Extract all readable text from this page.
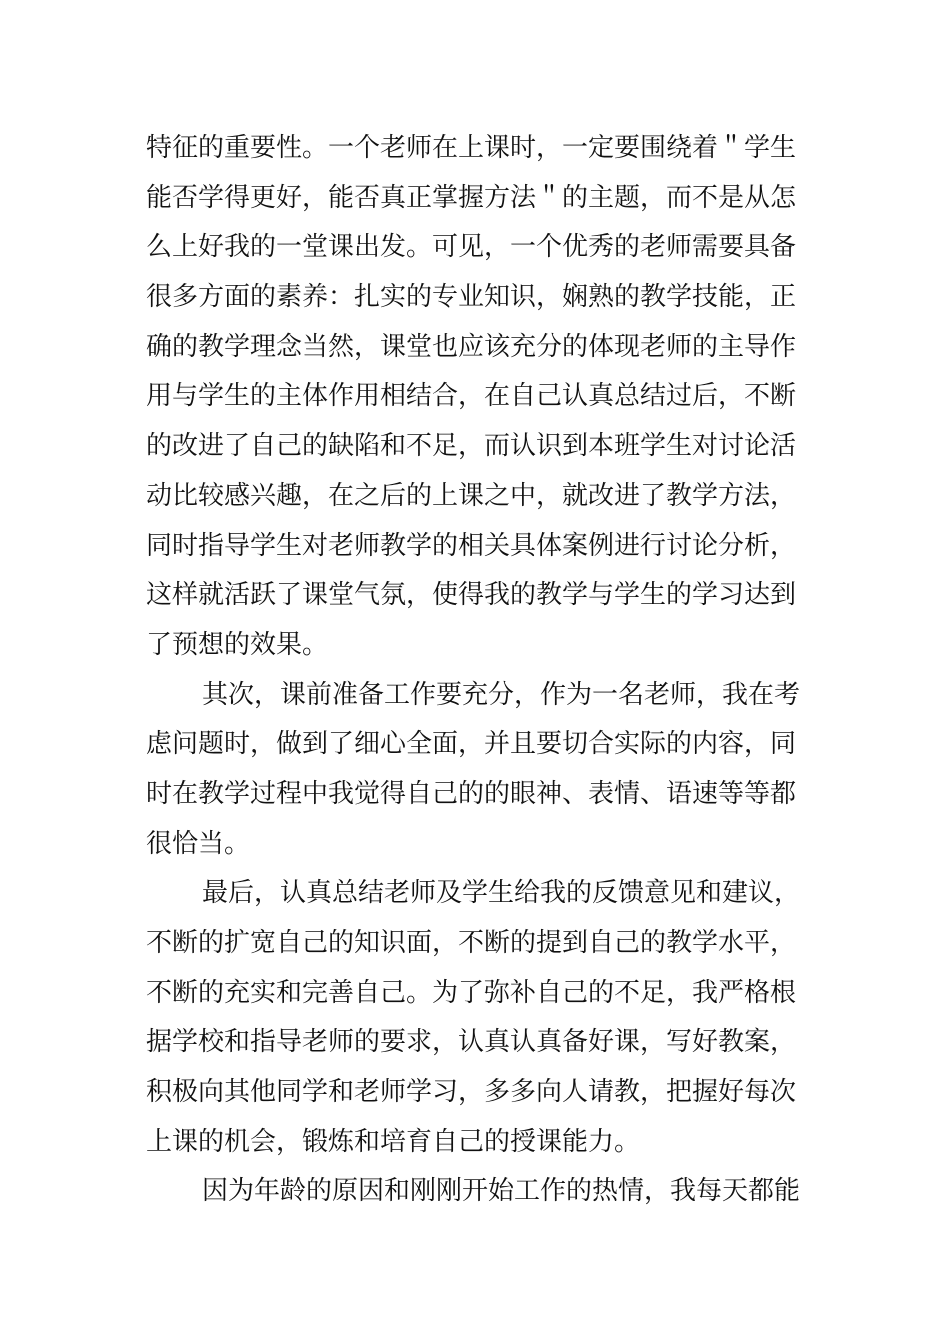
特征的重要性。一个老师在上课时，一定要围绕着＂学生
能否学得更好，能否真正掌握方法＂的主题，而不是从怎
么上好我的一堂课出发。可见，一个优秀的老师需要具备
很多方面的素养：扎实的专业知识，娴熟的教学技能，正
确的教学理念当然，课堂也应该充分的体现老师的主导作
用与学生的主体作用相结合，在自己认真总结过后，不断
的改进了自己的缺陷和不足，而认识到本班学生对讨论活
动比较感兴趣，在之后的上课之中，就改进了教学方法，
同时指导学生对老师教学的相关具体案例进行讨论分析，
这样就活跃了课堂气氛，使得我的教学与学生的学习达到
了预想的效果。
其次，课前准备工作要充分，作为一名老师，我在考
虑问题时，做到了细心全面，并且要切合实际的内容，同
时在教学过程中我觉得自己的的眼神、表情、语速等等都
很恰当。
最后，认真总结老师及学生给我的反馈意见和建议，
不断的扩宽自己的知识面，不断的提到自己的教学水平，
不断的充实和完善自己。为了弥补自己的不足，我严格根
据学校和指导老师的要求，认真认真备好课，写好教案，
积极向其他同学和老师学习，多多向人请教，把握好每次
上课的机会，锻炼和培育自己的授课能力。
因为年龄的原因和刚刚开始工作的热情，我每天都能
